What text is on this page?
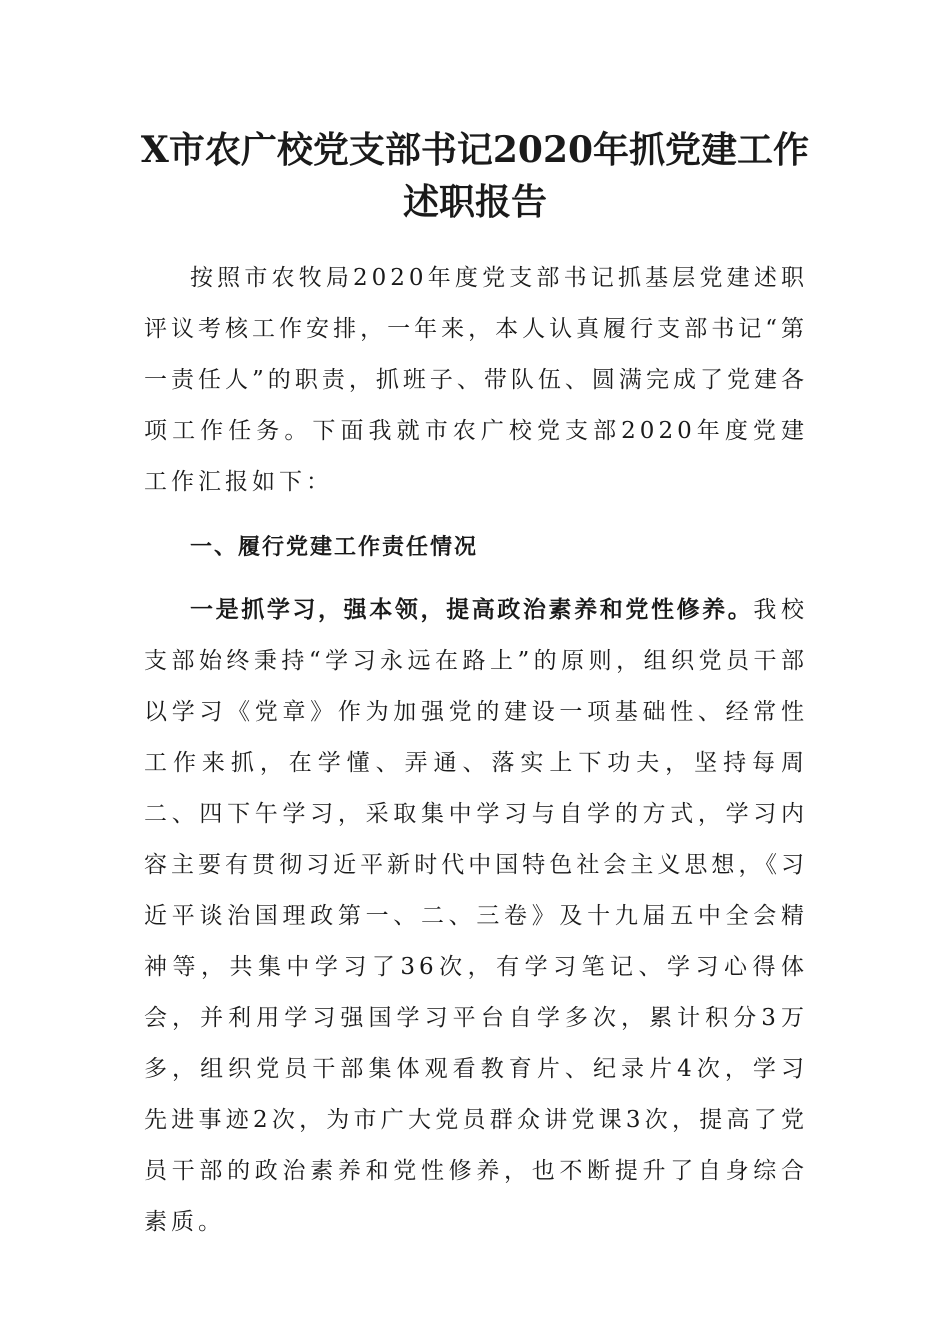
X市农广校党支部书记2020年抓党建工作

述职报告

按照市农牧局2020年度党支部书记抓基层党建述职评议考核工作安排，一年来，本人认真履行支部书记“第一责任人”的职责，抓班子、带队伍、圆满完成了党建各项工作任务。下面我就市农广校党支部2020年度党建工作汇报如下：

一、履行党建工作责任情况

一是抓学习，强本领，提高政治素养和党性修养。我校支部始终秉持“学习永远在路上”的原则，组织党员干部以学习《党章》作为加强党的建设一项基础性、经常性工作来抓，在学懂、弄通、落实上下功夫，坚持每周二、四下午学习，采取集中学习与自学的方式，学习内容主要有贯彻习近平新时代中国特色社会主义思想，《习近平谈治国理政第一、二、三卷》及十九届五中全会精神等，共集中学习了36次，有学习笔记、学习心得体会，并利用学习强国学习平台自学多次，累计积分3万多，组织党员干部集体观看教育片、纪录片4次，学习先进事迹2次，为市广大党员群众讲党课3次，提高了党员干部的政治素养和党性修养，也不断提升了自身综合素质。
